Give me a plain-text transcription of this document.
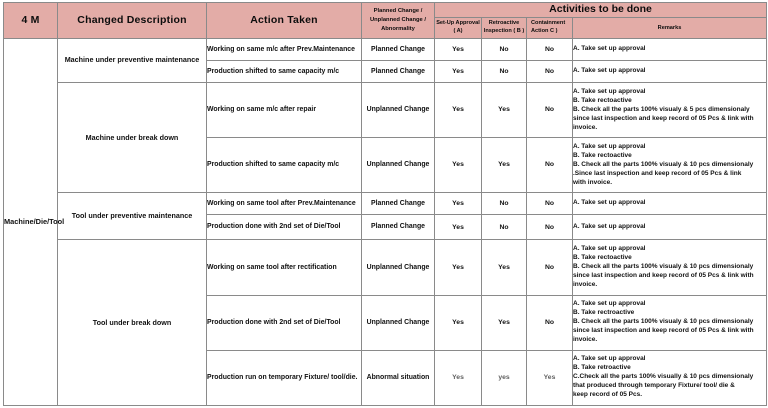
4 M	Changed Description	Action Taken	Planned Change / Unplanned Change / Abnormality	Activities to be done			
				Set-Up Approval ( A)	Retroactive Inspection ( B )	Containment Action C )	Remarks
Machine/Die/Tool	Machine under preventive maintenance	Working on same m/c after Prev.Maintenance	Planned Change	Yes	No	No	A. Take set up approval

		Production shifted to same capacity m/c	Planned Change	Yes	No	No	A. Take set up approval

	Machine under break down	Working on same m/c after repair	Unplanned Change	Yes	Yes	No	A. Take set up approval
B. Take rectoactive
B. Check all the parts 100% visualy & 5 pcs dimensionaly
since last inspection and keep record of 05 Pcs & link with
invoice.

		Production shifted to same capacity m/c	Unplanned Change	Yes	Yes	No	A. Take set up approval
B. Take rectoactive
B. Check all the parts 100% visualy & 10 pcs dimensionaly
.Since last inspection and keep record of 05 Pcs & link
with invoice.

	Tool under preventive maintenance	Working on same tool after Prev.Maintenance	Planned Change	Yes	No	No	A. Take set up approval

		Production done with 2nd set of Die/Tool	Planned Change	Yes	No	No	A. Take set up approval

	Tool under break down	Working on same tool after rectification	Unplanned Change	Yes	Yes	No	A. Take set up approval
B. Take rectoactive
B. Check all the parts 100% visualy & 10 pcs dimensionaly
since last inspection and keep record of 05 Pcs & link with
invoice.

		Production done with 2nd set of Die/Tool	Unplanned Change	Yes	Yes	No	A. Take set up approval
B. Take rectroactive
B. Check all the parts 100% visualy & 10 pcs dimensionaly
since last inspection and keep record of 05 Pcs & link with
invoice.

		Production run on temporary Fixture/ tool/die.	Abnormal situation	Yes	yes	Yes	A. Take set up approval
B. Take retroactive
C.Check all the parts 100% visually & 10 pcs dimensionaly
that produced through temporary Fixture/ tool/ die &
keep record of 05 Pcs.
